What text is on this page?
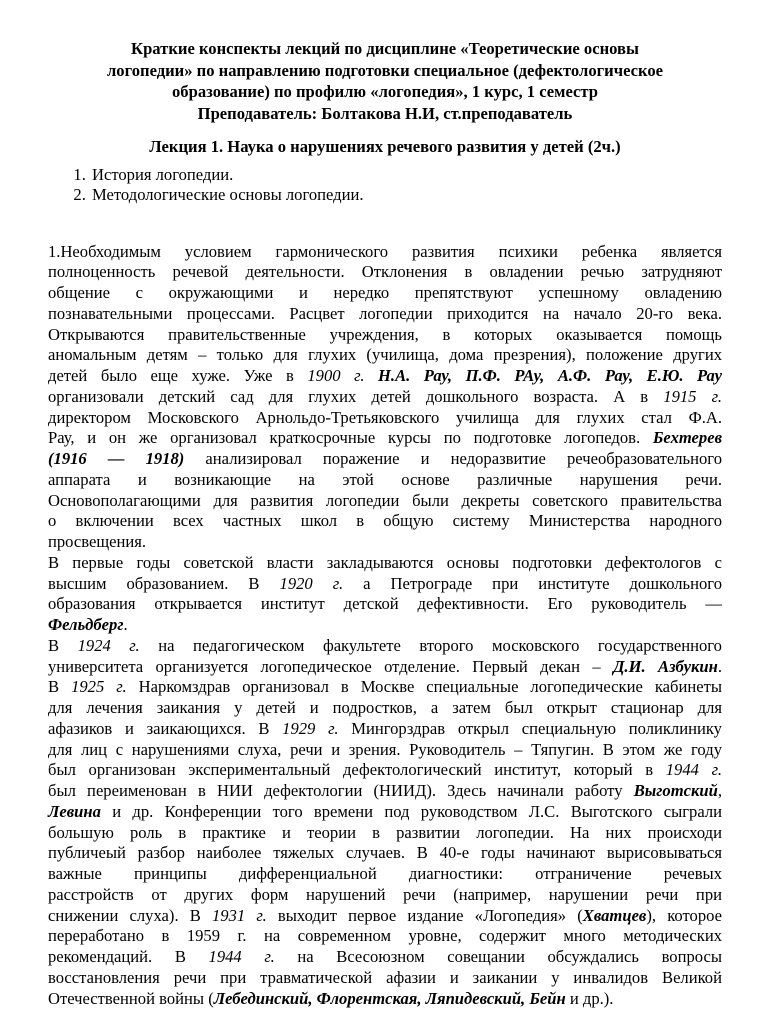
Краткие конспекты лекций по дисциплине «Теоретические основы
логопедии» по направлению подготовки специальное (дефектологическое
образование) по профилю «логопедия», 1 курс, 1 семестр
Преподаватель: Болтакова Н.И, ст.преподаватель
Лекция 1. Наука о нарушениях речевого развития у детей (2ч.)
1. История логопедии.
2. Методологические основы логопедии.
1.Необходимым условием гармонического развития психики ребенка является
полноценность речевой деятельности. Отклонения в овладении речью затрудняют
общение с окружающими и нередко препятствуют успешному овладению
познавательными процессами. Расцвет логопедии приходится на начало 20-го века.
Открываются правительственные учреждения, в которых оказывается помощь
аномальным детям – только для глухих (училища, дома презрения), положение других
детей было еще хуже. Уже в 1900 г. Н.А. Рау, П.Ф. РАу, А.Ф. Рау, Е.Ю. Рау
организовали детский сад для глухих детей дошкольного возраста. А в 1915 г.
директором Московского Арнольдо-Третьяковского училища для глухих стал Ф.А.
Рау, и он же организовал краткосрочные курсы по подготовке логопедов. Бехтерев
(1916 — 1918) анализировал поражение и недоразвитие речеобразовательного
аппарата и возникающие на этой основе различные нарушения речи.
Основополагающими для развития логопедии были декреты советского правительства
о включении всех частных школ в общую систему Министерства народного
просвещения.
В первые годы советской власти закладываются основы подготовки дефектологов с
высшим образованием. В 1920 г. а Петрограде при институте дошкольного
образования открывается институт детской дефективности. Его руководитель —
Фельдберг.
В 1924 г. на педагогическом факультете второго московского государственного
университета организуется логопедическое отделение. Первый декан – Д.И. Азбукин.
В 1925 г. Наркомздрав организовал в Москве специальные логопедические кабинеты
для лечения заикания у детей и подростков, а затем был открыт стационар для
афазиков и заикающихся. В 1929 г. Мингорздрав открыл специальную поликлинику
для лиц с нарушениями слуха, речи и зрения. Руководитель – Тяпугин. В этом же году
был организован экспериментальный дефектологический институт, который в 1944 г.
был переименован в НИИ дефектологии (НИИД). Здесь начинали работу Выготский,
Левина и др. Конференции того времени под руководством Л.С. Выготского сыграли
большую роль в практике и теории в развитии логопедии. На них происходи
публичеый разбор наиболее тяжелых случаев. В 40-е годы начинают вырисовываться
важные принципы дифференциальной диагностики: отграничение речевых
расстройств от других форм нарушений речи (например, нарушении речи при
снижении слуха). В 1931 г. выходит первое издание «Логопедия» (Хватцев), которое
переработано в 1959 г. на современном уровне, содержит много методических
рекомендаций. В 1944 г. на Всесоюзном совещании обсуждались вопросы
восстановления речи при травматической афазии и заикании у инвалидов Великой
Отечественной войны (Лебединский, Флорентская, Ляпидевский, Бейн и др.).
